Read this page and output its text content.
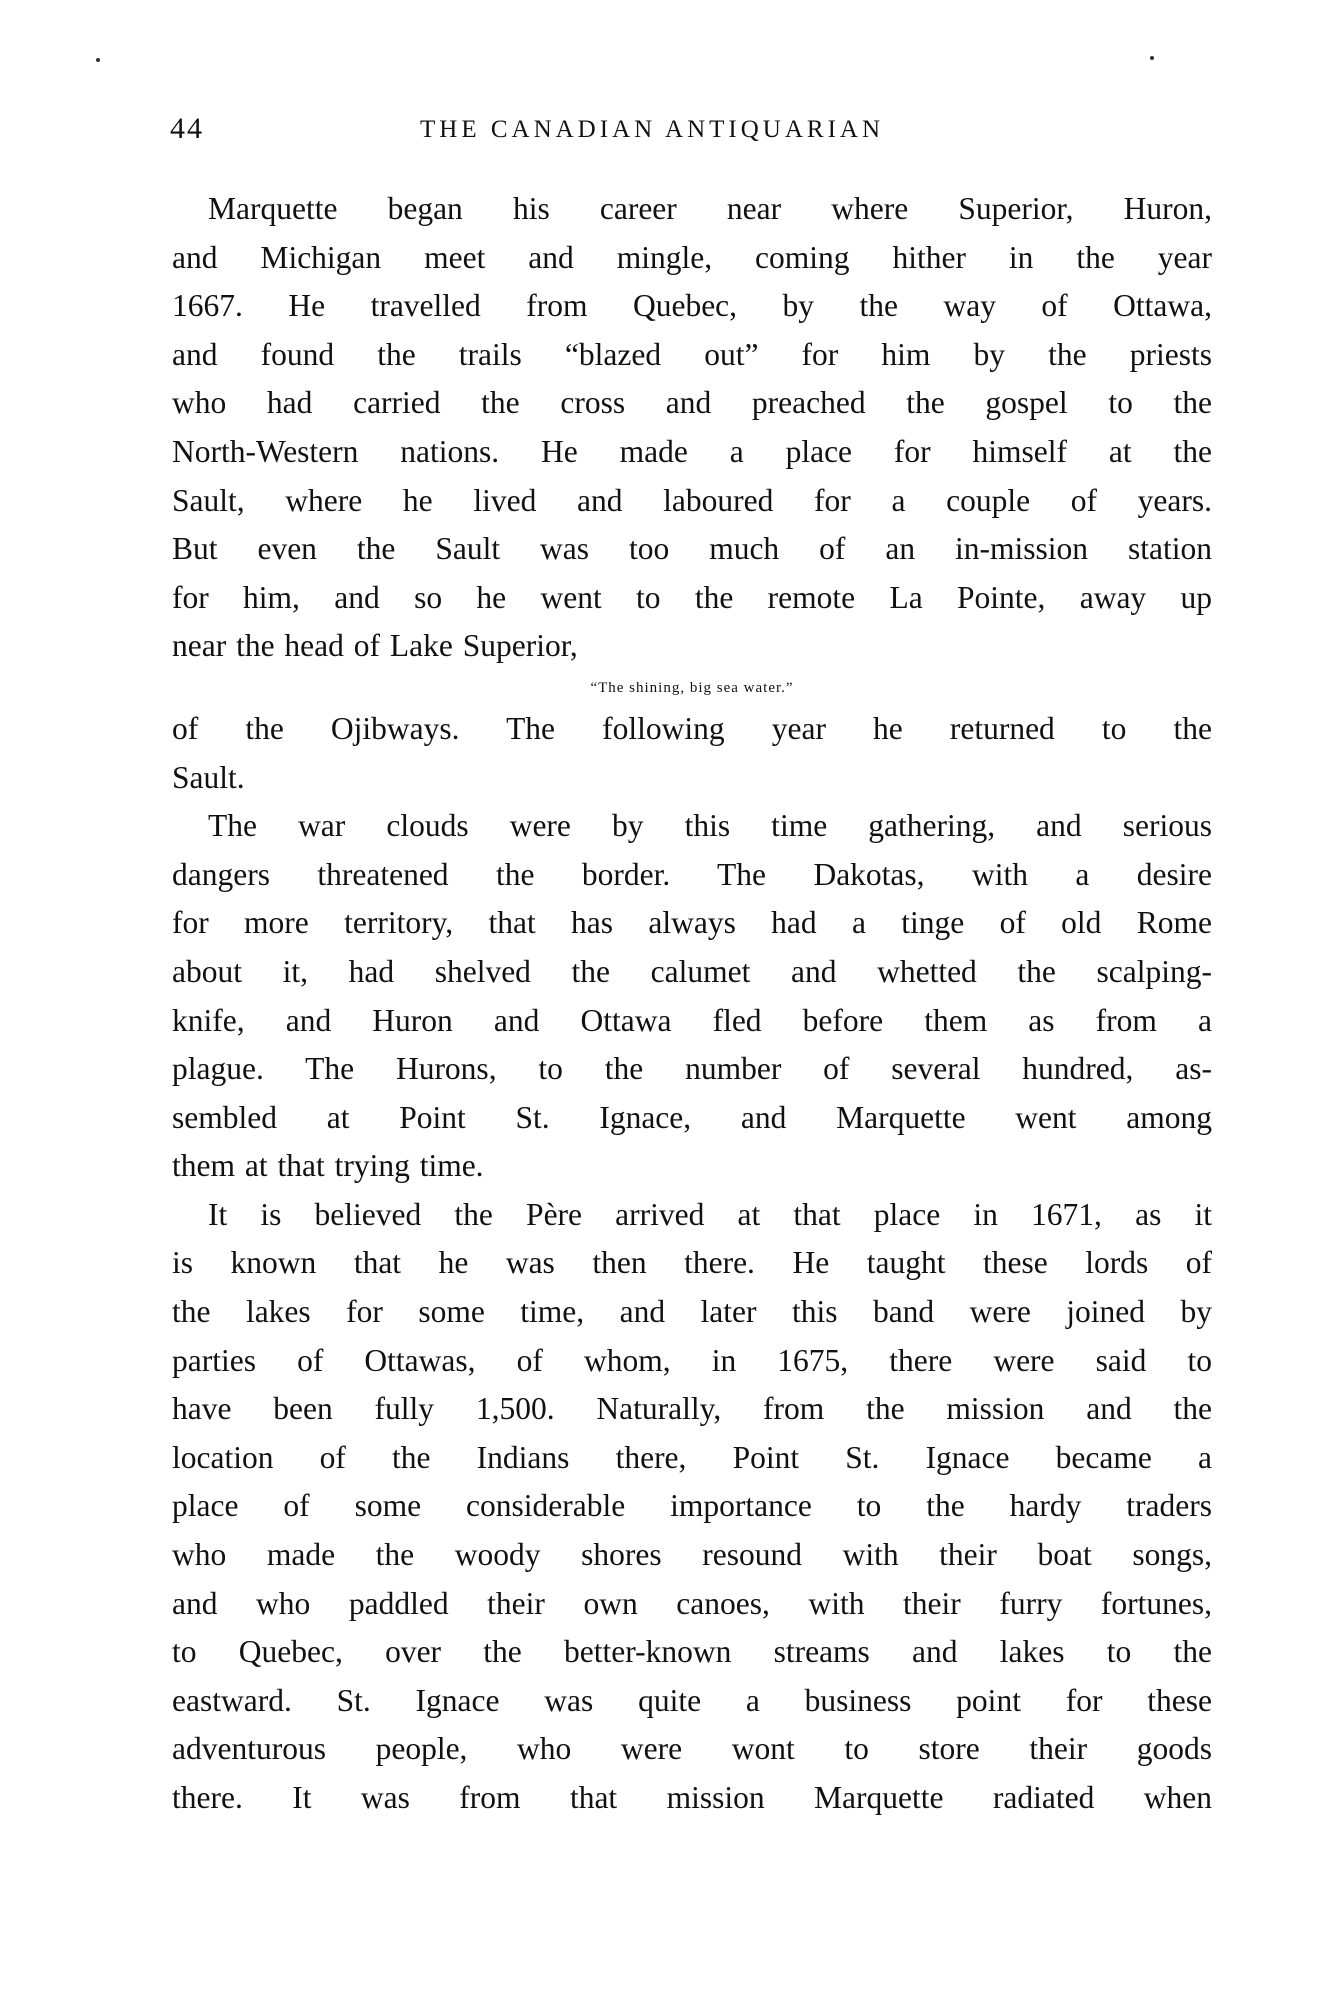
44	THE CANADIAN ANTIQUARIAN
Marquette began his career near where Superior, Huron,
and Michigan meet and mingle, coming hither in the year
1667. He travelled from Quebec, by the way of Ottawa,
and found the trails “blazed out” for him by the priests
who had carried the cross and preached the gospel to the
North-Western nations. He made a place for himself at the
Sault, where he lived and laboured for a couple of years.
But even the Sault was too much of an in-mission station
for him, and so he went to the remote La Pointe, away up
near the head of Lake Superior,
“The shining, big sea water.”
of the Ojibways. The following year he returned to the
Sault.
The war clouds were by this time gathering, and serious
dangers threatened the border. The Dakotas, with a desire
for more territory, that has always had a tinge of old Rome
about it, had shelved the calumet and whetted the scalping-
knife, and Huron and Ottawa fled before them as from a
plague. The Hurons, to the number of several hundred, as-
sembled at Point St. Ignace, and Marquette went among
them at that trying time.
It is believed the Père arrived at that place in 1671, as it
is known that he was then there. He taught these lords of
the lakes for some time, and later this band were joined by
parties of Ottawas, of whom, in 1675, there were said to
have been fully 1,500. Naturally, from the mission and the
location of the Indians there, Point St. Ignace became a
place of some considerable importance to the hardy traders
who made the woody shores resound with their boat songs,
and who paddled their own canoes, with their furry fortunes,
to Quebec, over the better-known streams and lakes to the
eastward. St. Ignace was quite a business point for these
adventurous people, who were wont to store their goods
there. It was from that mission Marquette radiated when
